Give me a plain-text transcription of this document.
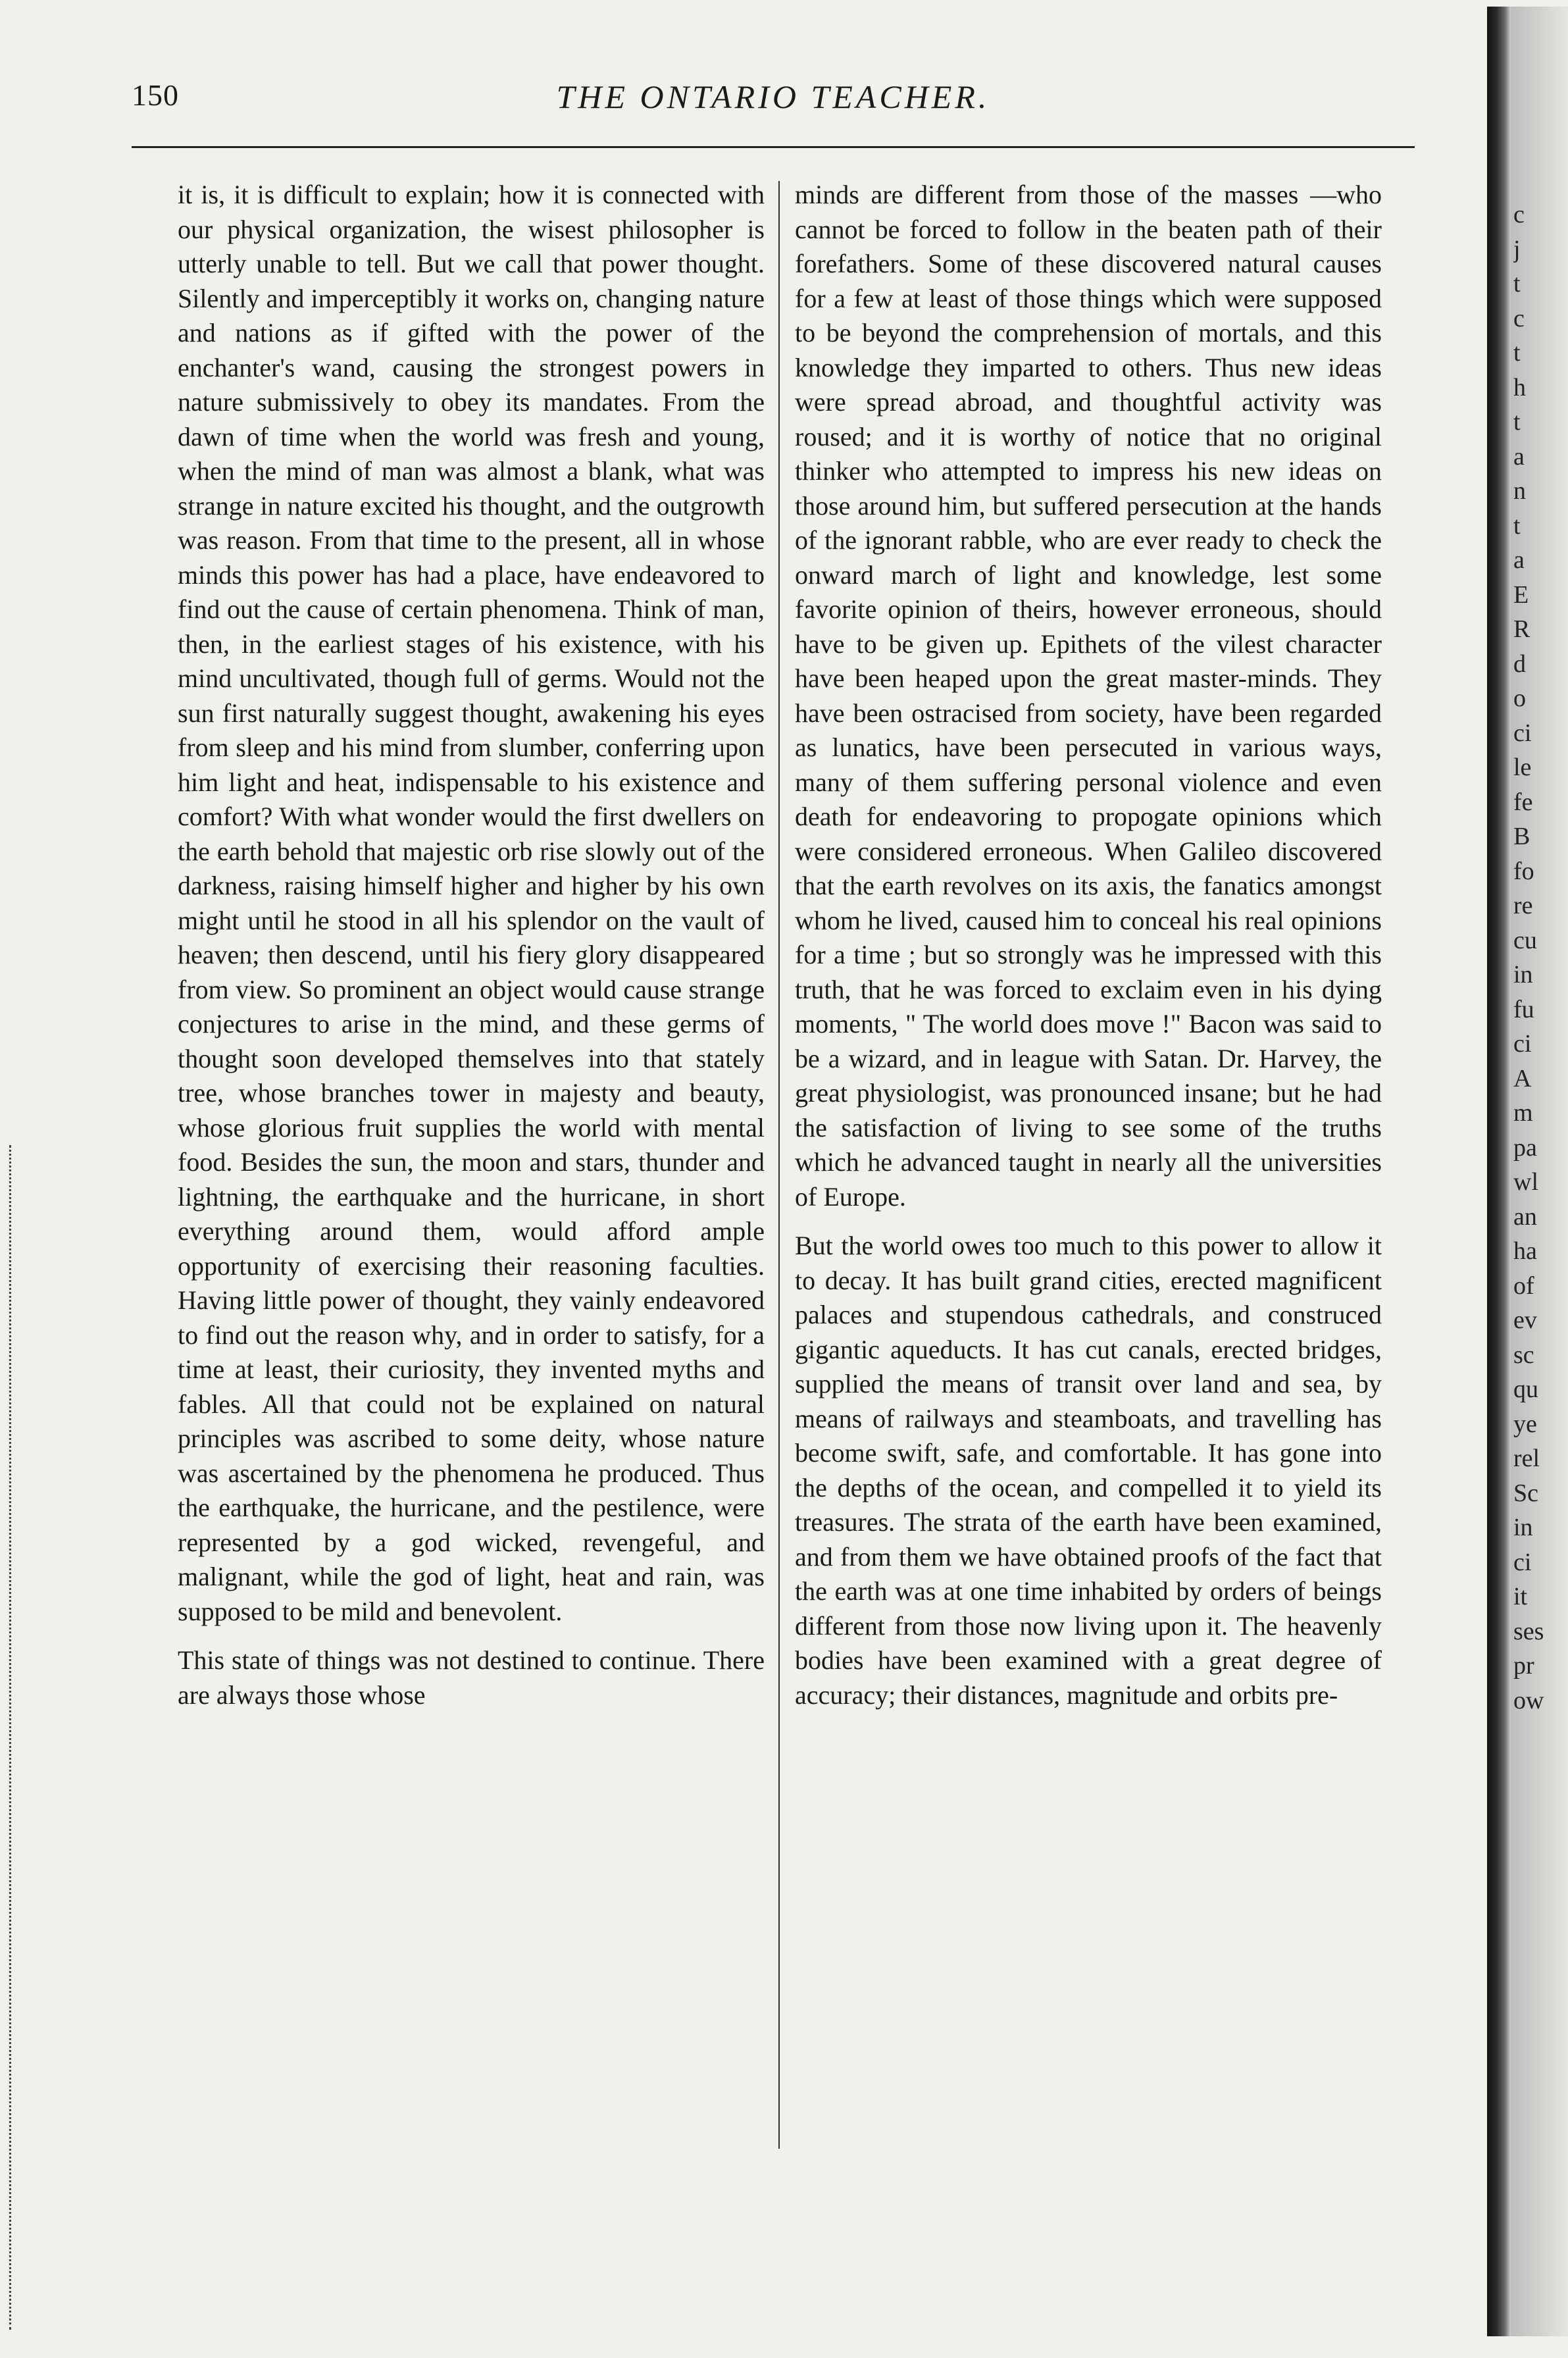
150	THE ONTARIO TEACHER.

it is, it is difficult to explain; how it is connected with our physical organization, the wisest philosopher is utterly unable to tell. But we call that power thought. Silently and imperceptibly it works on, changing nature and nations as if gifted with the power of the enchanter's wand, causing the strongest powers in nature submissively to obey its mandates. From the dawn of time when the world was fresh and young, when the mind of man was almost a blank, what was strange in nature excited his thought, and the outgrowth was reason. From that time to the present, all in whose minds this power has had a place, have endeavored to find out the cause of certain phenomena. Think of man, then, in the earliest stages of his existence, with his mind uncultivated, though full of germs. Would not the sun first naturally suggest thought, awakening his eyes from sleep and his mind from slumber, conferring upon him light and heat, indispensable to his existence and comfort? With what wonder would the first dwellers on the earth behold that majestic orb rise slowly out of the darkness, raising himself higher and higher by his own might until he stood in all his splendor on the vault of heaven; then descend, until his fiery glory disappeared from view. So prominent an object would cause strange conjectures to arise in the mind, and these germs of thought soon developed themselves into that stately tree, whose branches tower in majesty and beauty, whose glorious fruit supplies the world with mental food. Besides the sun, the moon and stars, thunder and lightning, the earthquake and the hurricane, in short everything around them, would afford ample opportunity of exercising their reasoning faculties. Having little power of thought, they vainly endeavored to find out the reason why, and in order to satisfy, for a time at least, their curiosity, they invented myths and fables. All that could not be explained on natural principles was ascribed to some deity, whose nature was ascertained by the phenomena he produced. Thus the earthquake, the hurricane, and the pestilence, were represented by a god wicked, revengeful, and malignant, while the god of light, heat and rain, was supposed to be mild and benevolent.

This state of things was not destined to continue. There are always those whose

minds are different from those of the masses —who cannot be forced to follow in the beaten path of their forefathers. Some of these discovered natural causes for a few at least of those things which were supposed to be beyond the comprehension of mortals, and this knowledge they imparted to others. Thus new ideas were spread abroad, and thoughtful activity was roused; and it is worthy of notice that no original thinker who attempted to impress his new ideas on those around him, but suffered persecution at the hands of the ignorant rabble, who are ever ready to check the onward march of light and knowledge, lest some favorite opinion of theirs, however erroneous, should have to be given up. Epithets of the vilest character have been heaped upon the great master-minds. They have been ostracised from society, have been regarded as lunatics, have been persecuted in various ways, many of them suffering personal violence and even death for endeavoring to propogate opinions which were considered erroneous. When Galileo discovered that the earth revolves on its axis, the fanatics amongst whom he lived, caused him to conceal his real opinions for a time ; but so strongly was he impressed with this truth, that he was forced to exclaim even in his dying moments, " The world does move !" Bacon was said to be a wizard, and in league with Satan. Dr. Harvey, the great physiologist, was pronounced insane; but he had the satisfaction of living to see some of the truths which he advanced taught in nearly all the universities of Europe.

But the world owes too much to this power to allow it to decay. It has built grand cities, erected magnificent palaces and stupendous cathedrals, and construced gigantic aqueducts. It has cut canals, erected bridges, supplied the means of transit over land and sea, by means of railways and steamboats, and travelling has become swift, safe, and comfortable. It has gone into the depths of the ocean, and compelled it to yield its treasures. The strata of the earth have been examined, and from them we have obtained proofs of the fact that the earth was at one time inhabited by orders of beings different from those now living upon it. The heavenly bodies have been examined with a great degree of accuracy; their distances, magnitude and orbits pre-

c
j
t
c
t
h
t
a
n
t
a
E
R
d
o
ci
le
fe
B
fo
re
cu
in
fu
ci
A
m
pa
wl
an
ha
of
ev
sc
qu
ye
rel
Sc
in
ci
it
ses
pr
ow
